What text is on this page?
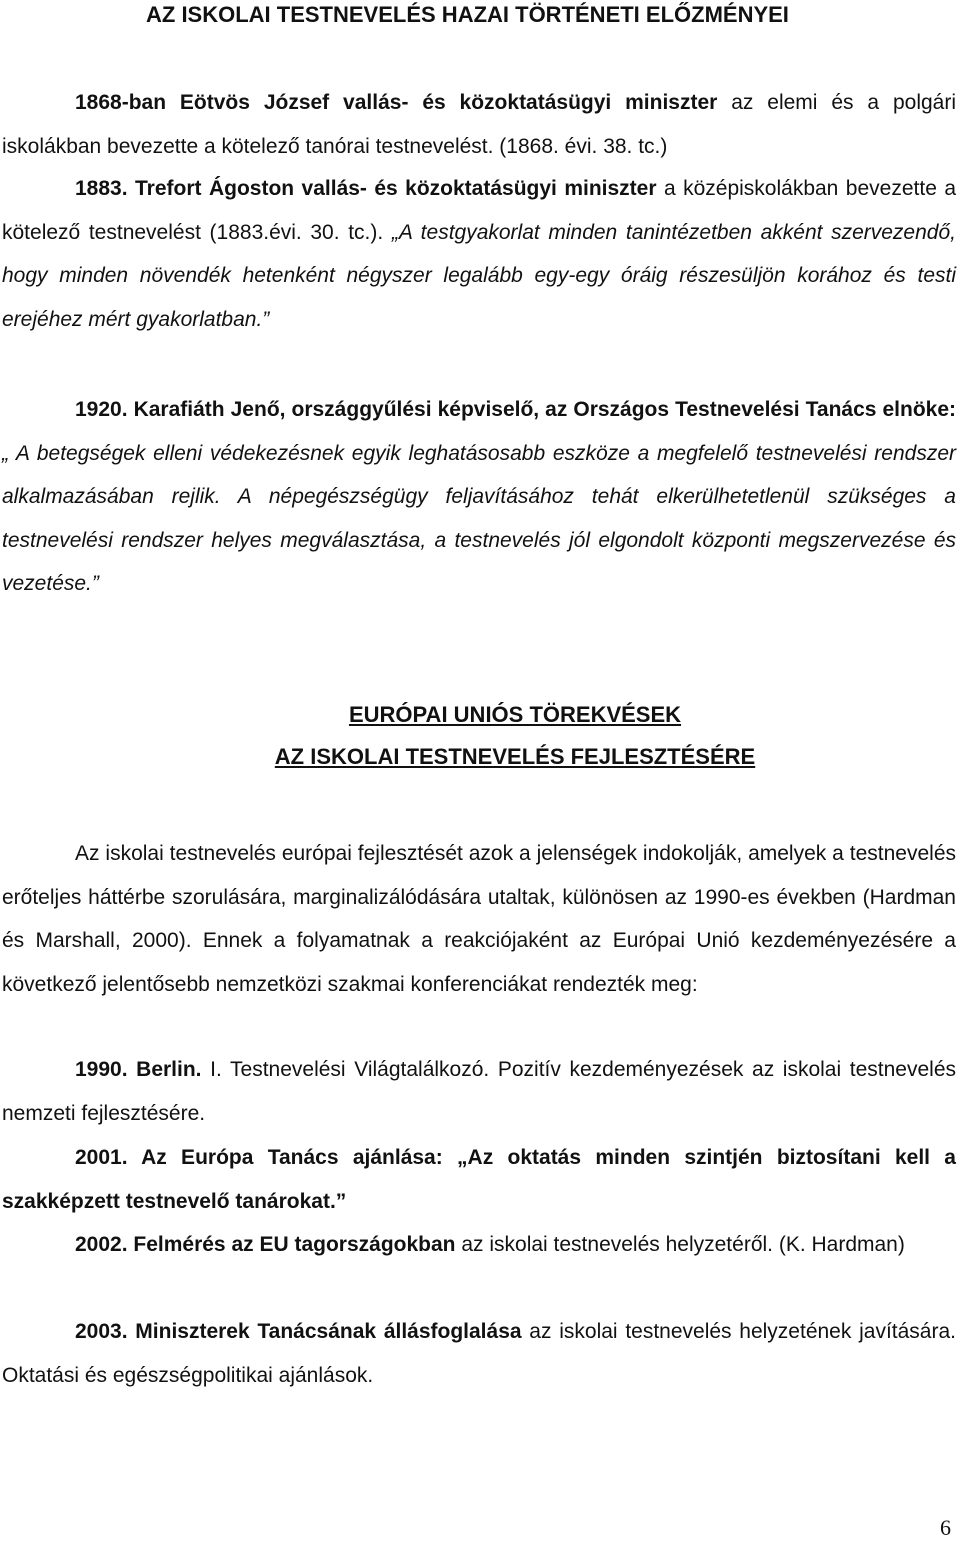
AZ ISKOLAI TESTNEVELÉS HAZAI TÖRTÉNETI ELŐZMÉNYEI

1868-ban Eötvös József vallás- és közoktatásügyi miniszter az elemi és a polgári iskolákban bevezette a kötelező tanórai testnevelést. (1868. évi. 38. tc.)

1883. Trefort Ágoston vallás- és közoktatásügyi miniszter a középiskolákban bevezette a kötelező testnevelést (1883.évi. 30. tc.). „A testgyakorlat minden tanintézetben akként szervezendő, hogy minden növendék hetenként négyszer legalább egy-egy óráig részesüljön korához és testi erejéhez mért gyakorlatban.”

1920. Karafiáth Jenő, országgyűlési képviselő, az Országos Testnevelési Tanács elnöke: „ A betegségek elleni védekezésnek egyik leghatásosabb eszköze a megfelelő testnevelési rendszer alkalmazásában rejlik. A népegészségügy feljavításához tehát elkerülhetetlenül szükséges a testnevelési rendszer helyes megválasztása, a testnevelés jól elgondolt központi megszervezése és vezetése.”

EURÓPAI UNIÓS TÖREKVÉSEK
AZ ISKOLAI TESTNEVELÉS FEJLESZTÉSÉRE

Az iskolai testnevelés európai fejlesztését azok a jelenségek indokolják, amelyek a testnevelés erőteljes háttérbe szorulására, marginalizálódására utaltak, különösen az 1990-es években (Hardman és Marshall, 2000). Ennek a folyamatnak a reakciójaként az Európai Unió kezdeményezésére a következő jelentősebb nemzetközi szakmai konferenciákat rendezték meg:

1990. Berlin. I. Testnevelési Világtalálkozó. Pozitív kezdeményezések az iskolai testnevelés nemzeti fejlesztésére.

2001. Az Európa Tanács ajánlása: „Az oktatás minden szintjén biztosítani kell a szakképzett testnevelő tanárokat.”

2002. Felmérés az EU tagországokban az iskolai testnevelés helyzetéről. (K. Hardman)

2003. Miniszterek Tanácsának állásfoglalása az iskolai testnevelés helyzetének javítására. Oktatási és egészségpolitikai ajánlások.

6
